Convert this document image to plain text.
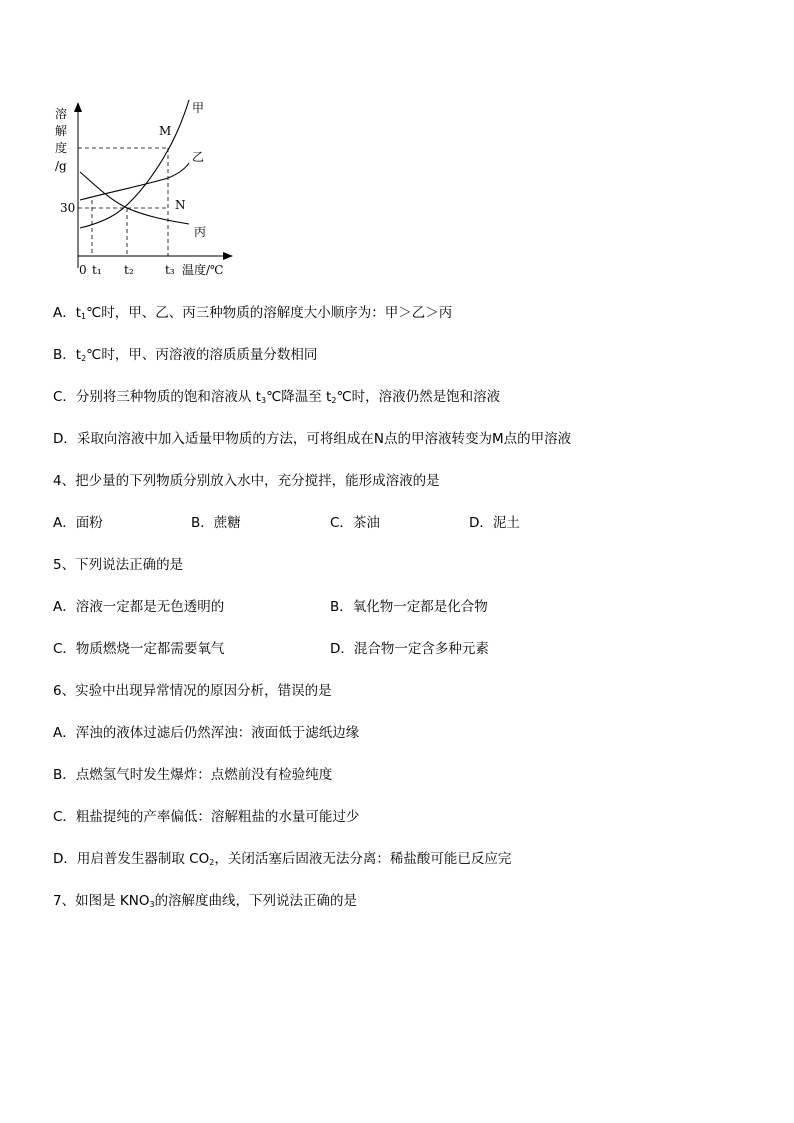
溶
解
度
/g
30
0 t₁ t₂	t₃ 温度/℃
甲
乙
丙
M
N
A．$t_1℃$时，甲、乙、丙三种物质的溶解度大小顺序为：甲＞乙＞丙
B．$t_2℃$时，甲、丙溶液的溶质质量分数相同
C．分别将三种物质的饱和溶液从 $t_3℃$降温至 $t_2℃$时，溶液仍然是饱和溶液
D．采取向溶液中加入适量甲物质的方法，可将组成在N点的甲溶液转变为M点的甲溶液
4、把少量的下列物质分别放入水中，充分搅拌，能形成溶液的是
A．面粉	B．蔗糖	C．茶油	D．泥土
5、下列说法正确的是
A．溶液一定都是无色透明的	B．氧化物一定都是化合物
C．物质燃烧一定都需要氧气	D．混合物一定含多种元素
6、实验中出现异常情况的原因分析，错误的是
A．浑浊的液体过滤后仍然浑浊：液面低于滤纸边缘
B．点燃氢气时发生爆炸：点燃前没有检验纯度
C．粗盐提纯的产率偏低：溶解粗盐的水量可能过少
D．用启普发生器制取 $CO_2$，关闭活塞后固液无法分离：稀盐酸可能已反应完
7、如图是 $KNO_3$的溶解度曲线，下列说法正确的是
